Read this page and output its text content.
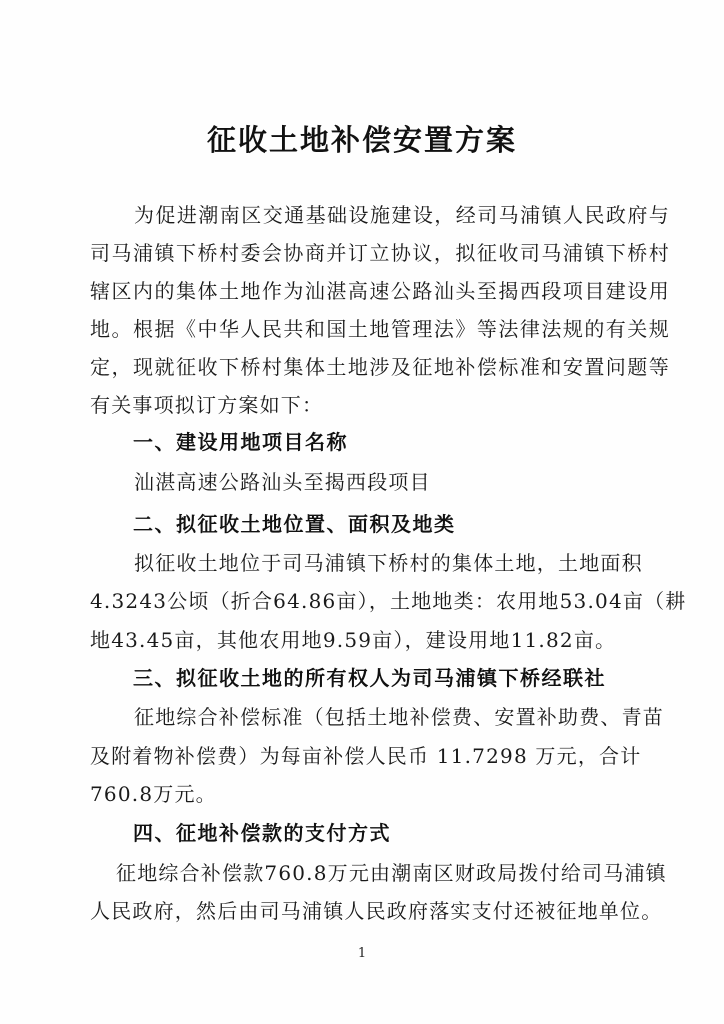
征收土地补偿安置方案

为促进潮南区交通基础设施建设，经司马浦镇人民政府与司马浦镇下桥村委会协商并订立协议，拟征收司马浦镇下桥村辖区内的集体土地作为汕湛高速公路汕头至揭西段项目建设用地。根据《中华人民共和国土地管理法》等法律法规的有关规定，现就征收下桥村集体土地涉及征地补偿标准和安置问题等有关事项拟订方案如下：

一、建设用地项目名称
汕湛高速公路汕头至揭西段项目
二、拟征收土地位置、面积及地类
拟征收土地位于司马浦镇下桥村的集体土地，土地面积
4.3243公顷（折合64.86亩），土地地类：农用地53.04亩（耕
地43.45亩，其他农用地9.59亩），建设用地11.82亩。
三、拟征收土地的所有权人为司马浦镇下桥经联社
征地综合补偿标准（包括土地补偿费、安置补助费、青苗
及附着物补偿费）为每亩补偿人民币 11.7298 万元，合计
760.8万元。
四、征地补偿款的支付方式
征地综合补偿款760.8万元由潮南区财政局拨付给司马浦镇
人民政府，然后由司马浦镇人民政府落实支付还被征地单位。
1
